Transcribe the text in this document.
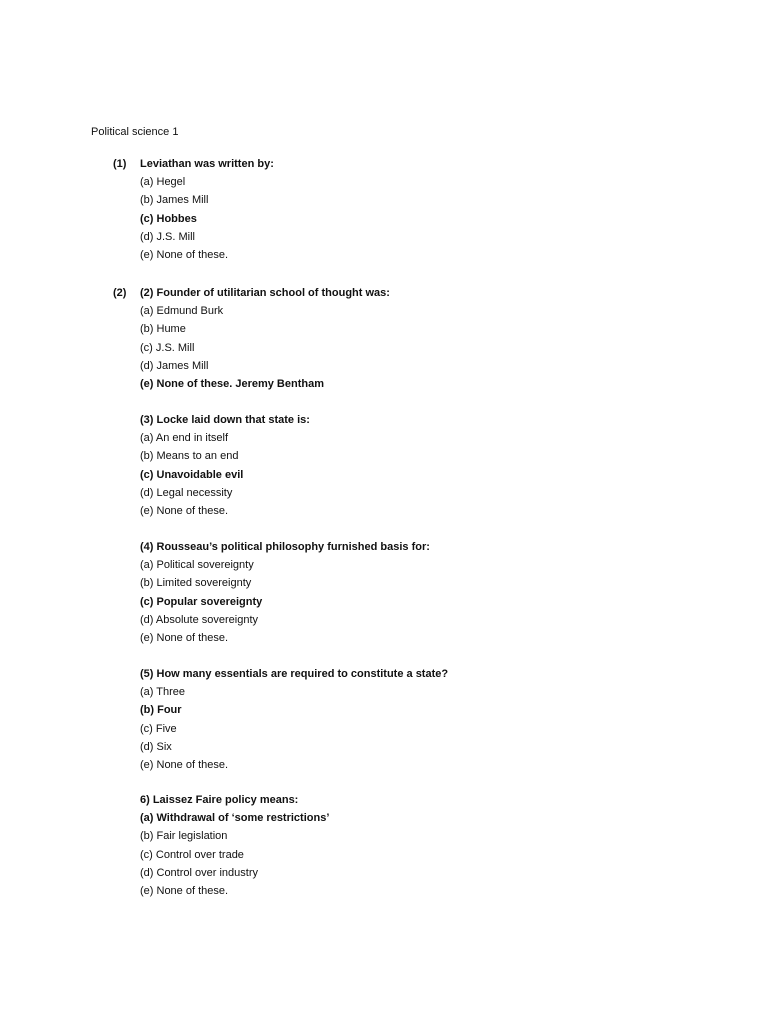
Political science 1
(1) Leviathan was written by:
(a) Hegel
(b) James Mill
(c) Hobbes
(d) J.S. Mill
(e) None of these.
(2) (2) Founder of utilitarian school of thought was:
(a) Edmund Burk
(b) Hume
(c) J.S. Mill
(d) James Mill
(e) None of these. Jeremy Bentham
(3) Locke laid down that state is:
(a) An end in itself
(b) Means to an end
(c) Unavoidable evil
(d) Legal necessity
(e) None of these.
(4) Rousseau’s political philosophy furnished basis for:
(a) Political sovereignty
(b) Limited sovereignty
(c) Popular sovereignty
(d) Absolute sovereignty
(e) None of these.
(5) How many essentials are required to constitute a state?
(a) Three
(b) Four
(c) Five
(d) Six
(e) None of these.
6) Laissez Faire policy means:
(a) Withdrawal of ‘some restrictions’
(b) Fair legislation
(c) Control over trade
(d) Control over industry
(e) None of these.
